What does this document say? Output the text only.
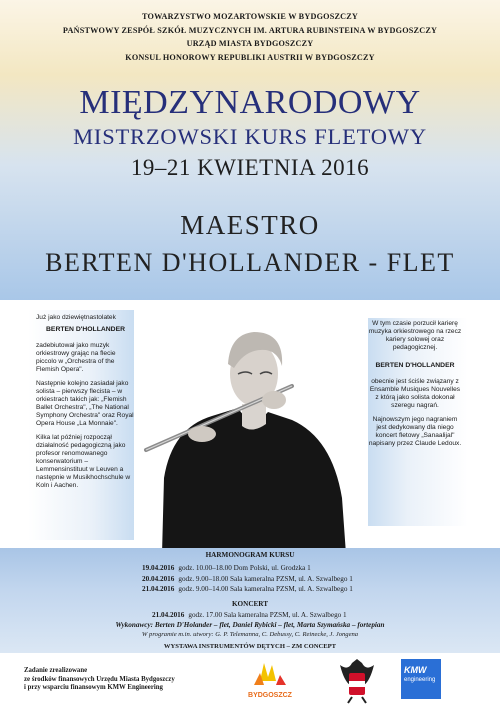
TOWARZYSTWO MOZARTOWSKIE W BYDGOSZCZY
PAŃSTWOWY ZESPÓŁ SZKÓŁ MUZYCZNYCH IM. ARTURA RUBINSTEINA W BYDGOSZCZY
URZĄD MIASTA BYDGOSZCZY
KONSUL HONOROWY REPUBLIKI AUSTRII W BYDGOSZCZY
MIĘDZYNARODOWY
MISTRZOWSKI KURS FLETOWY
19–21 KWIETNIA 2016
MAESTRO
BERTEN D'HOLLANDER - FLET
Już jako dziewiętnastolatek
BERTEN D'HOLLANDER

zadebiutował jako muzyk orkiestrowy grając na flecie piccolo w „Orchestra of the Flemish Opera".

Następnie kolejno zasiadał jako solista – pierwszy flecista – w orkiestrach takich jak: „Flemish Ballet Orchestra", „The National Symphony Orchestra" oraz Royal Opera House „La Monnaie".

Kilka lat później rozpoczął działalność pedagogiczną jako profesor renomowanego konserwatorium – Lemmensinstituut w Leuven a następnie w Musikhochschule w Koln i Aachen.

W tym czasie porzucił karierę muzyka orkiestrowego na rzecz kariery solowej oraz pedagogicznej.

BERTEN D'HOLLANDER

obecnie jest ściśle związany z Ensamble Musiques Nouvelles z którą jako solista dokonał szeregu nagrań.

Najnowszym jego nagraniem jest dedykowany dla niego koncert fletowy „Sanaalijal" napisany przez Claude Ledoux.

HARMONOGRAM KURSU
19.04.2016 godz. 10.00–18.00 Dom Polski, ul. Grodzka 1
20.04.2016 godz. 9.00–18.00 Sala kameralna PZSM, ul. A. Szwalbego 1
21.04.2016 godz. 9.00–14.00 Sala kameralna PZSM, ul. A. Szwalbego 1
KONCERT
21.04.2016 godz. 17.00 Sala kameralna PZSM, ul. A. Szwalbego 1
Wykonawcy: Berten D'Holander – flet, Daniel Rybicki – flet, Marta Szymańska – fortepian
W programie m.in. utwory: G. P. Telemanna, C. Debussy, C. Reinecke, J. Jongena
WYSTAWA INSTRUMENTÓW DĘTYCH – ZM CONCEPT
Zadanie zrealizowane
ze środków finansowych Urzędu Miasta Bydgoszczy
i przy wsparciu finansowym KMW Engineering
BYDGOSZCZ
KMW
engineering
